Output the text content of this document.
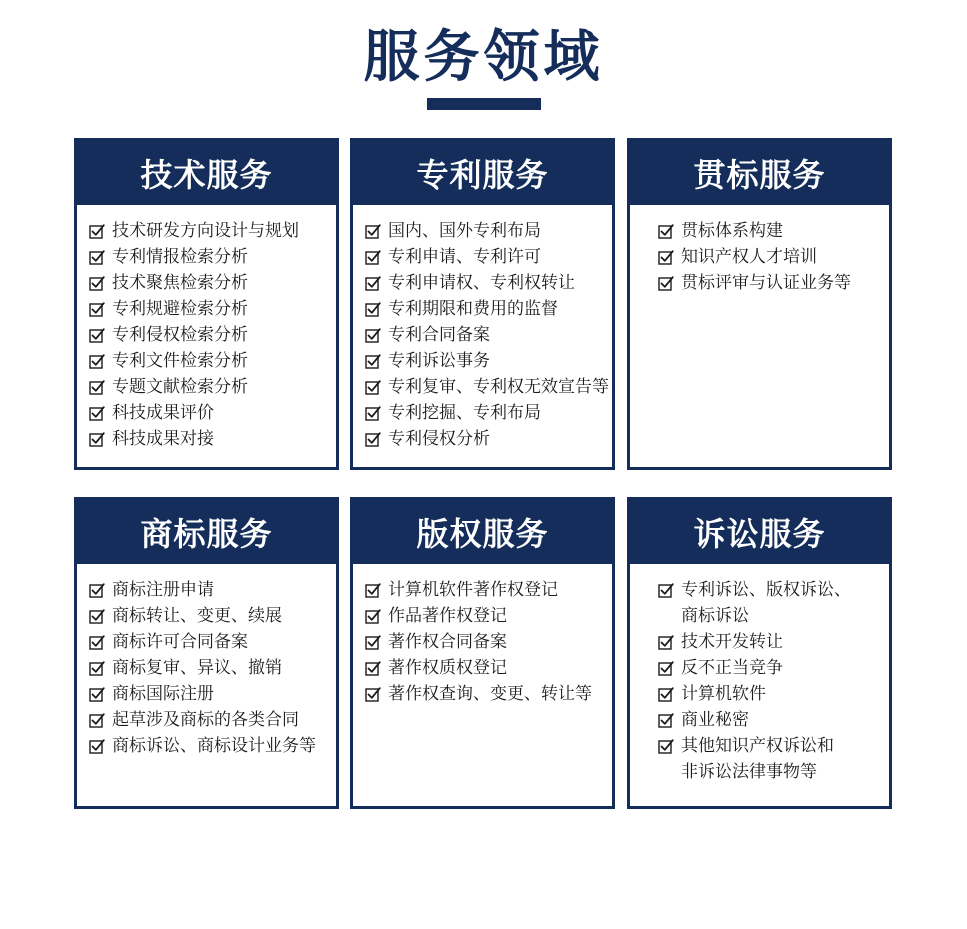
服务领域
技术服务
技术研发方向设计与规划
专利情报检索分析
技术聚焦检索分析
专利规避检索分析
专利侵权检索分析
专利文件检索分析
专题文献检索分析
科技成果评价
科技成果对接
专利服务
国内、国外专利布局
专利申请、专利许可
专利申请权、专利权转让
专利期限和费用的监督
专利合同备案
专利诉讼事务
专利复审、专利权无效宣告等
专利挖掘、专利布局
专利侵权分析
贯标服务
贯标体系构建
知识产权人才培训
贯标评审与认证业务等
商标服务
商标注册申请
商标转让、变更、续展
商标许可合同备案
商标复审、异议、撤销
商标国际注册
起草涉及商标的各类合同
商标诉讼、商标设计业务等
版权服务
计算机软件著作权登记
作品著作权登记
著作权合同备案
著作权质权登记
著作权查询、变更、转让等
诉讼服务
专利诉讼、版权诉讼、
商标诉讼
技术开发转让
反不正当竞争
计算机软件
商业秘密
其他知识产权诉讼和
非诉讼法律事物等
